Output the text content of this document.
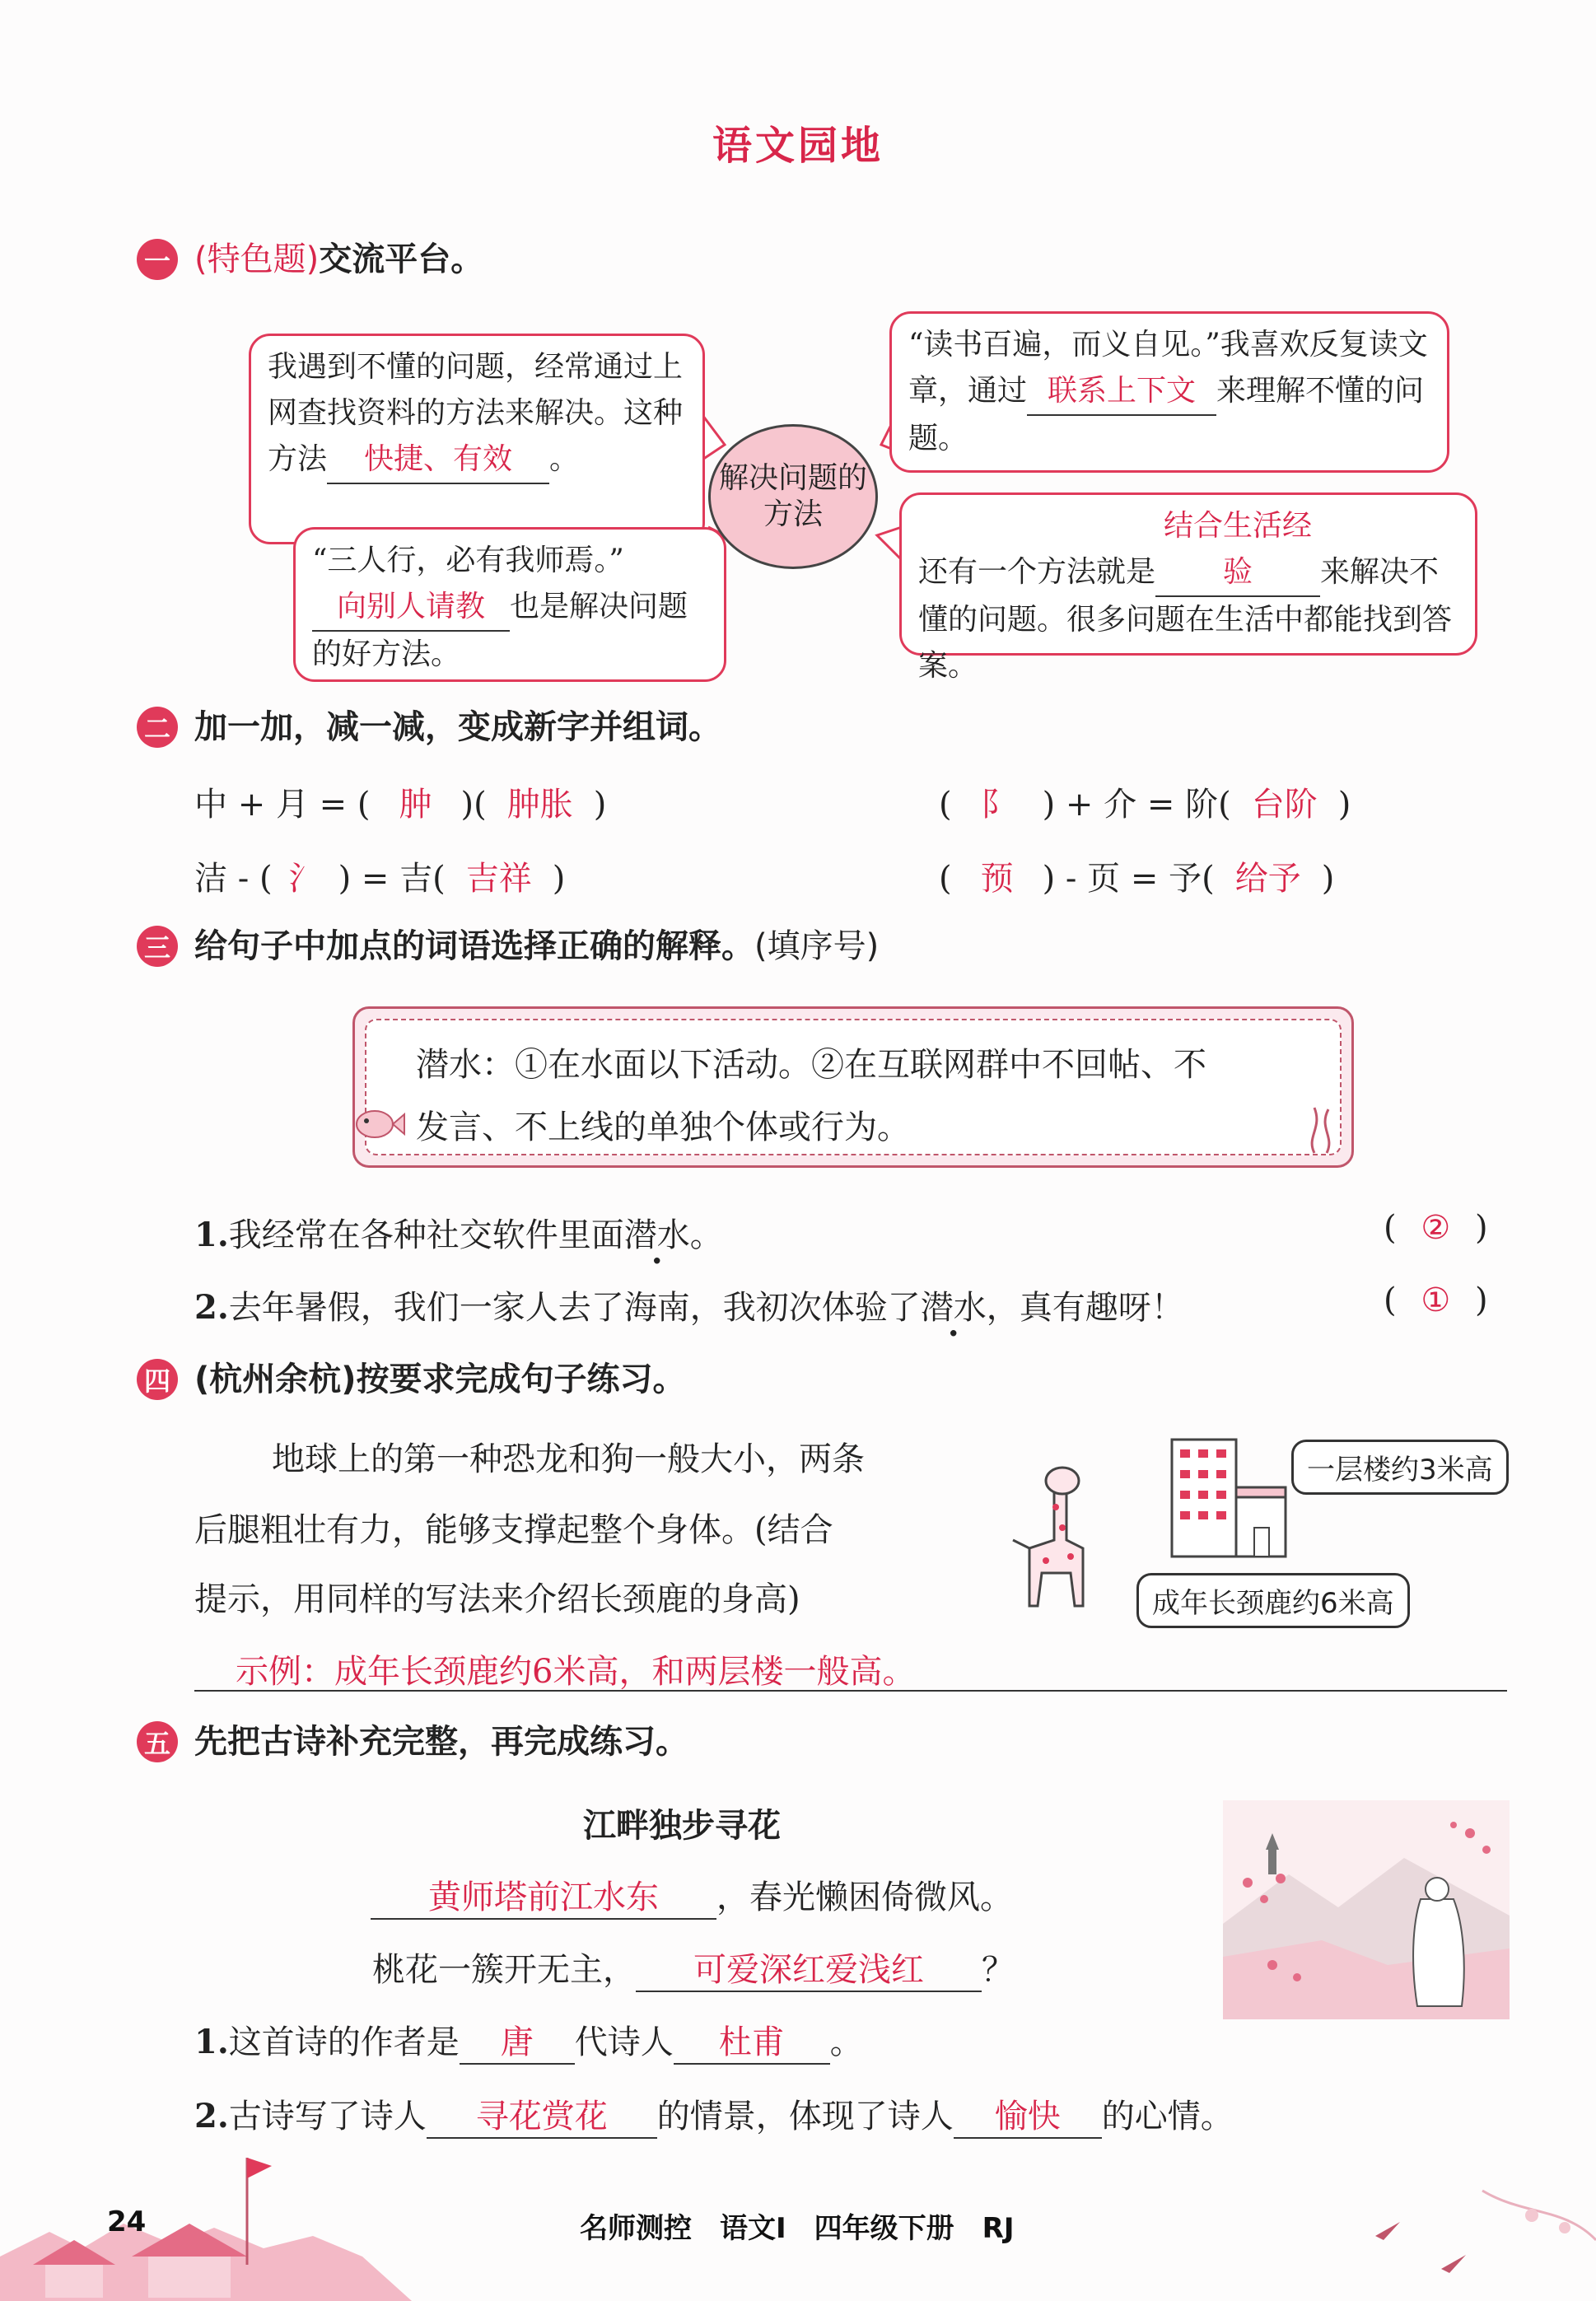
语文园地
一 (特色题)交流平台。
我遇到不懂的问题，经常通过上网查找资料的方法来解决。这种方法 快捷、有效 。
“三人行，必有我师焉。”向别人请教 也是解决问题的好方法。
解决问题的方法
“读书百遍，而义自见。”我喜欢反复读文章，通过 联系上下文 来理解不懂的问题。
还有一个方法就是结合生活经验 来解决不懂的问题。很多问题在生活中都能找到答案。
二 加一加，减一减，变成新字并组词。
中 + 月 = ( 肿 )( 肿胀 )	( 阝 ) + 介 = 阶( 台阶 )
洁 - ( 氵 ) = 吉( 吉祥 )	( 预 ) - 页 = 予( 给予 )
三 给句子中加点的词语选择正确的解释。(填序号)
潜水：①在水面以下活动。②在互联网群中不回帖、不
发言、不上线的单独个体或行为。
1.我经常在各种社交软件里面潜水。	( ② )
2.去年暑假，我们一家人去了海南，我初次体验了潜水，真有趣呀！	( ① )
四 (杭州余杭)按要求完成句子练习。
地球上的第一种恐龙和狗一般大小，两条
后腿粗壮有力，能够支撑起整个身体。(结合
提示，用同样的写法来介绍长颈鹿的身高)
一层楼约3米高
成年长颈鹿约6米高
示例：成年长颈鹿约6米高，和两层楼一般高。
五 先把古诗补充完整，再完成练习。
江畔独步寻花
黄师塔前江水东 ，春光懒困倚微风。
桃花一簇开无主， 可爱深红爱浅红 ？
1.这首诗的作者是 唐 代诗人 杜甫 。
2.古诗写了诗人 寻花赏花 的情景，体现了诗人 愉快 的心情。
24	名师测控　语文Ⅰ　四年级下册　RJ
